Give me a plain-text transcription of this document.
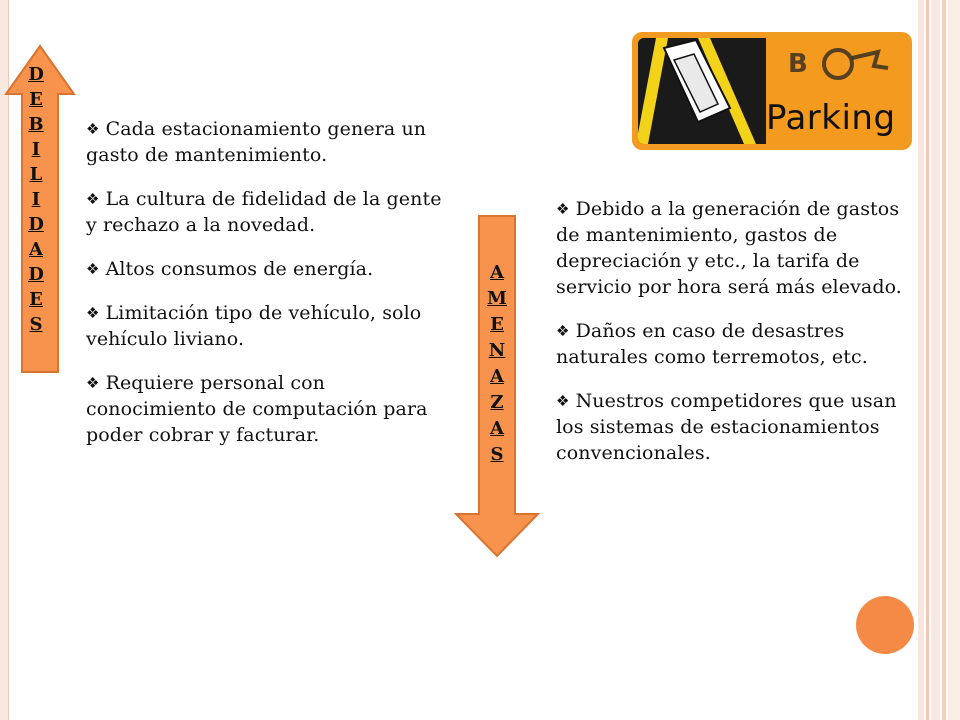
D
E
B
I
L
I
D
A
D
E
S
A
M
E
N
A
Z
A
S

❖ Cada estacionamiento genera un gasto de mantenimiento.

❖ La cultura de fidelidad de la gente y rechazo a la novedad.

❖ Altos consumos de energía.

❖ Limitación tipo de vehículo, solo vehículo liviano.

❖ Requiere personal con conocimiento de computación para poder cobrar y facturar.

❖ Debido a la generación de gastos de mantenimiento, gastos de depreciación y etc., la tarifa de servicio por hora será más elevado.

❖ Daños en caso de desastres naturales como terremotos, etc.

❖ Nuestros competidores que usan los sistemas de estacionamientos convencionales.

B
Parking
